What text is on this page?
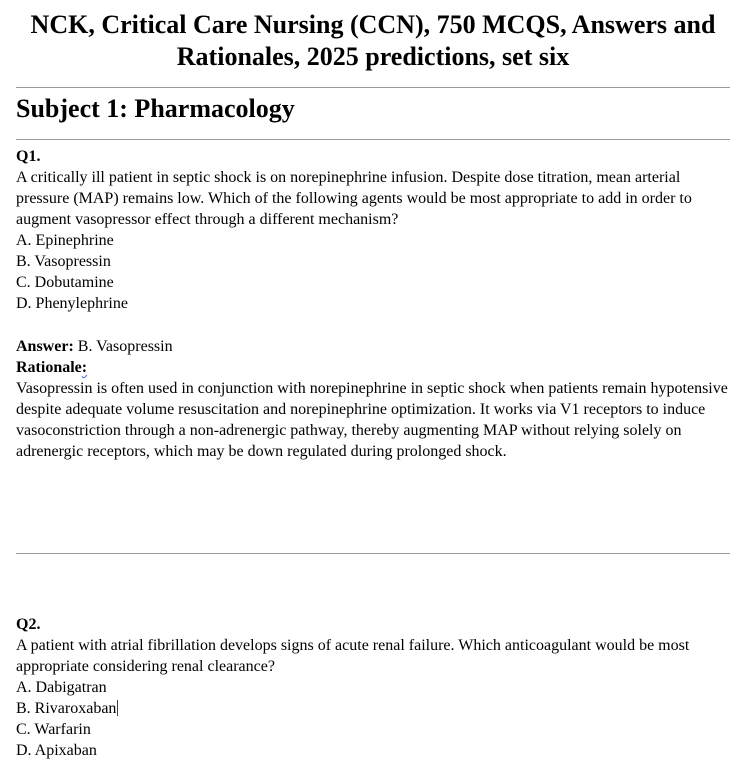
NCK, Critical Care Nursing (CCN), 750 MCQS, Answers and Rationales, 2025 predictions, set six
Subject 1: Pharmacology
Q1.
A critically ill patient in septic shock is on norepinephrine infusion. Despite dose titration, mean arterial pressure (MAP) remains low. Which of the following agents would be most appropriate to add in order to augment vasopressor effect through a different mechanism?
A. Epinephrine
B. Vasopressin
C. Dobutamine
D. Phenylephrine
Answer: B. Vasopressin
Rationale:
Vasopressin is often used in conjunction with norepinephrine in septic shock when patients remain hypotensive despite adequate volume resuscitation and norepinephrine optimization. It works via V1 receptors to induce vasoconstriction through a non-adrenergic pathway, thereby augmenting MAP without relying solely on adrenergic receptors, which may be down regulated during prolonged shock.
Q2.
A patient with atrial fibrillation develops signs of acute renal failure. Which anticoagulant would be most appropriate considering renal clearance?
A. Dabigatran
B. Rivaroxaban
C. Warfarin
D. Apixaban
